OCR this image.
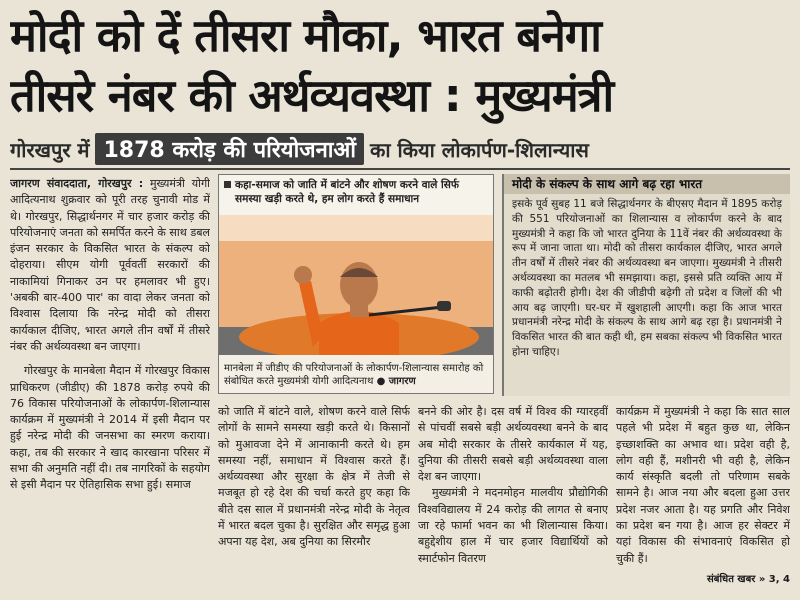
मोदी को दें तीसरा मौका, भारत बनेगा
तीसरे नंबर की अर्थव्यवस्था : मुख्यमंत्री
गोरखपुर में 1878 करोड़ की परियोजनाओं का किया लोकार्पण-शिलान्यास

जागरण संवाददाता, गोरखपुर : मुख्यमंत्री योगी आदित्यनाथ शुक्रवार को पूरी तरह चुनावी मोड में थे। गोरखपुर, सिद्धार्थनगर में चार हजार करोड़ की परियोजनाएं जनता को समर्पित करने के साथ डबल इंजन सरकार के विकसित भारत के संकल्प को दोहराया। सीएम योगी पूर्ववर्ती सरकारों की नाकामियां गिनाकर उन पर हमलावर भी हुए। 'अबकी बार-400 पार' का वादा लेकर जनता को विश्वास दिलाया कि नरेन्द्र मोदी को तीसरा कार्यकाल दीजिए, भारत अगले तीन वर्षों में तीसरे नंबर की अर्थव्यवस्था बन जाएगा।

गोरखपुर के मानबेला मैदान में गोरखपुर विकास प्राधिकरण (जीडीए) की 1878 करोड़ रुपये की 76 विकास परियोजनाओं के लोकार्पण-शिलान्यास कार्यक्रम में मुख्यमंत्री ने 2014 में इसी मैदान पर हुई नरेन्द्र मोदी की जनसभा का स्मरण कराया। कहा, तब की सरकार ने खाद कारखाना परिसर में सभा की अनुमति नहीं दी। तब नागरिकों के सहयोग से इसी मैदान पर ऐतिहासिक सभा हुई। समाज

कहा-समाज को जाति में बांटने और शोषण करने वाले सिर्फ समस्या खड़ी करते थे, हम लोग करते हैं समाधान
मानबेला में जीडीए की परियोजनाओं के लोकार्पण-शिलान्यास समारोह को संबोधित करते मुख्यमंत्री योगी आदित्यनाथ ● जागरण
मोदी के संकल्प के साथ आगे बढ़ रहा भारत
इसके पूर्व सुबह 11 बजे सिद्धार्थनगर के बीएसए मैदान में 1895 करोड़ की 551 परियोजनाओं का शिलान्यास व लोकार्पण करने के बाद मुख्यमंत्री ने कहा कि जो भारत दुनिया के 11वें नंबर की अर्थव्यवस्था के रूप में जाना जाता था। मोदी को तीसरा कार्यकाल दीजिए, भारत अगले तीन वर्षों में तीसरे नंबर की अर्थव्यवस्था बन जाएगा। मुख्यमंत्री ने तीसरी अर्थव्यवस्था का मतलब भी समझाया। कहा, इससे प्रति व्यक्ति आय में काफी बढ़ोतरी होगी। देश की जीडीपी बढ़ेगी तो प्रदेश व जिलों की भी आय बढ़ जाएगी। घर-घर में खुशहाली आएगी। कहा कि आज भारत प्रधानमंत्री नरेन्द्र मोदी के संकल्प के साथ आगे बढ़ रहा है। प्रधानमंत्री ने विकसित भारत की बात कही थी, हम सबका संकल्प भी विकसित भारत होना चाहिए।

को जाति में बांटने वाले, शोषण करने वाले सिर्फ लोगों के सामने समस्या खड़ी करते थे। किसानों को मुआवजा देने में आनाकानी करते थे। हम समस्या नहीं, समाधान में विश्वास करते हैं। अर्थव्यवस्था और सुरक्षा के क्षेत्र में तेजी से मजबूत हो रहे देश की चर्चा करते हुए कहा कि बीते दस साल में प्रधानमंत्री नरेन्द्र मोदी के नेतृत्व में भारत बदल चुका है। सुरक्षित और समृद्ध हुआ अपना यह देश, अब दुनिया का सिरमौर

बनने की ओर है। दस वर्ष में विश्व की ग्यारहवीं से पांचवीं सबसे बड़ी अर्थव्यवस्था बनने के बाद अब मोदी सरकार के तीसरे कार्यकाल में यह, दुनिया की तीसरी सबसे बड़ी अर्थव्यवस्था वाला देश बन जाएगा।

मुख्यमंत्री ने मदनमोहन मालवीय प्रौद्योगिकी विश्वविद्यालय में 24 करोड़ की लागत से बनाए जा रहे फार्मा भवन का भी शिलान्यास किया। बहुद्देशीय हाल में चार हजार विद्यार्थियों को स्मार्टफोन वितरण

कार्यक्रम में मुख्यमंत्री ने कहा कि सात साल पहले भी प्रदेश में बहुत कुछ था, लेकिन इच्छाशक्ति का अभाव था। प्रदेश वही है, लोग वही हैं, मशीनरी भी वही है, लेकिन कार्य संस्कृति बदली तो परिणाम सबके सामने है। आज नया और बदला हुआ उत्तर प्रदेश नजर आता है। यह प्रगति और निवेश का प्रदेश बन गया है। आज हर सेक्टर में यहां विकास की संभावनाएं विकसित हो चुकी हैं।

संबंधित खबर » 3, 4
